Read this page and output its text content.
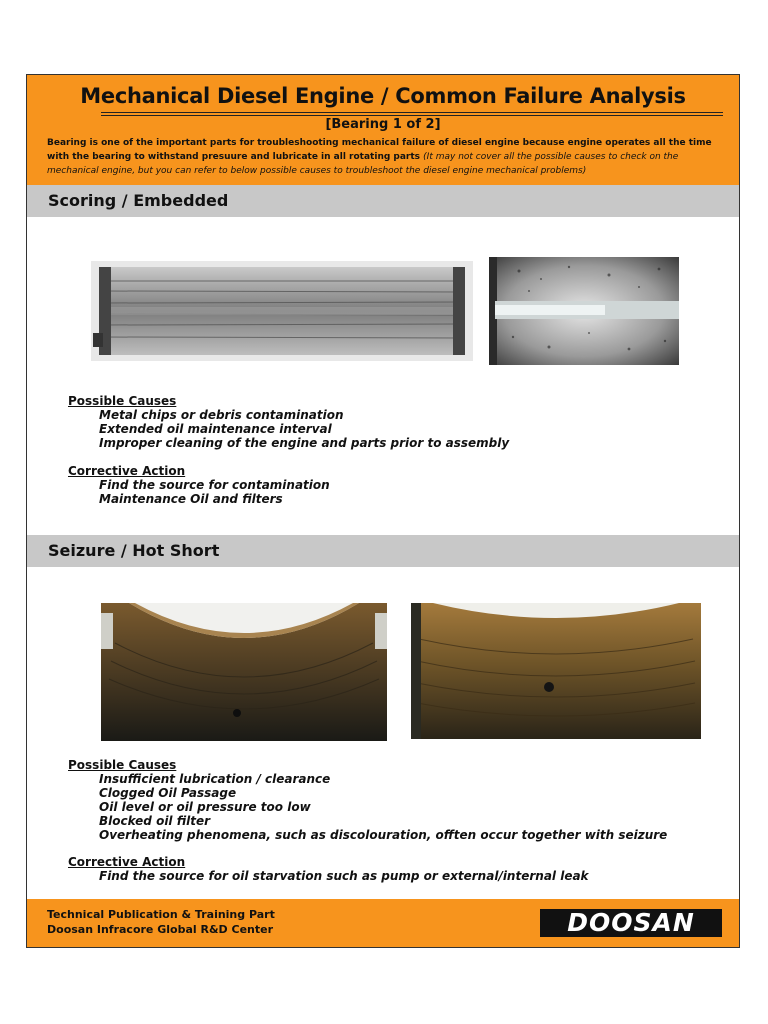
Mechanical Diesel Engine / Common Failure Analysis
[Bearing 1 of 2]
Bearing is one of the important parts for troubleshooting mechanical failure of diesel engine because engine operates all the time with the bearing to withstand presuure and lubricate in all rotating parts (It may not cover all the possible causes to check on the mechanical engine, but you can refer to below possible causes to troubleshoot the diesel engine mechanical problems)
Scoring / Embedded
Possible Causes
Metal chips or debris contamination
Extended oil maintenance interval
Improper cleaning of the engine and parts prior to assembly
Corrective Action
Find the source for contamination
Maintenance Oil and filters
Seizure / Hot Short
Possible Causes
Insufficient lubrication / clearance
Clogged Oil Passage
Oil level or oil pressure too low
Blocked oil filter
Overheating phenomena, such as discolouration, offten occur together with seizure
Corrective Action
Find the source for oil starvation such as pump or external/internal leak
Technical Publication & Training Part
Doosan Infracore Global R&D Center	DOOSAN
